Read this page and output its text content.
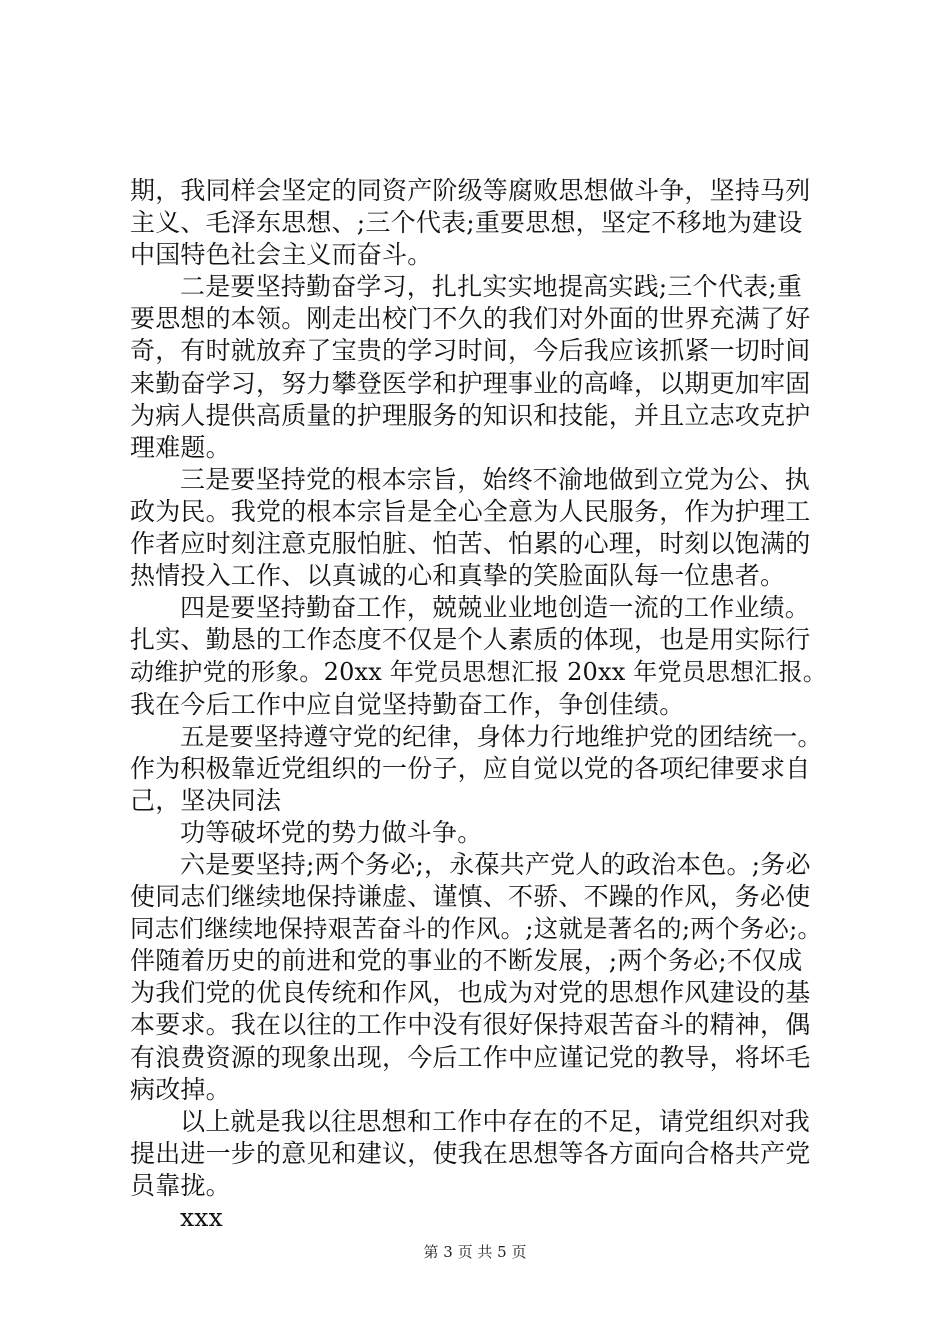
期，我同样会坚定的同资产阶级等腐败思想做斗争，坚持马列
主义、毛泽东思想、;三个代表;重要思想，坚定不移地为建设
中国特色社会主义而奋斗。
二是要坚持勤奋学习，扎扎实实地提高实践;三个代表;重
要思想的本领。刚走出校门不久的我们对外面的世界充满了好
奇，有时就放弃了宝贵的学习时间，今后我应该抓紧一切时间
来勤奋学习，努力攀登医学和护理事业的高峰，以期更加牢固
为病人提供高质量的护理服务的知识和技能，并且立志攻克护
理难题。
三是要坚持党的根本宗旨，始终不渝地做到立党为公、执
政为民。我党的根本宗旨是全心全意为人民服务，作为护理工
作者应时刻注意克服怕脏、怕苦、怕累的心理，时刻以饱满的
热情投入工作、以真诚的心和真挚的笑脸面队每一位患者。
四是要坚持勤奋工作，兢兢业业地创造一流的工作业绩。
扎实、勤恳的工作态度不仅是个人素质的体现，也是用实际行
动维护党的形象。20xx 年党员思想汇报 20xx 年党员思想汇报。
我在今后工作中应自觉坚持勤奋工作，争创佳绩。
五是要坚持遵守党的纪律，身体力行地维护党的团结统一。
作为积极靠近党组织的一份子，应自觉以党的各项纪律要求自
己，坚决同法
功等破坏党的势力做斗争。
六是要坚持;两个务必;，永葆共产党人的政治本色。;务必
使同志们继续地保持谦虚、谨慎、不骄、不躁的作风，务必使
同志们继续地保持艰苦奋斗的作风。;这就是著名的;两个务必;。
伴随着历史的前进和党的事业的不断发展，;两个务必;不仅成
为我们党的优良传统和作风，也成为对党的思想作风建设的基
本要求。我在以往的工作中没有很好保持艰苦奋斗的精神，偶
有浪费资源的现象出现，今后工作中应谨记党的教导，将坏毛
病改掉。
以上就是我以往思想和工作中存在的不足，请党组织对我
提出进一步的意见和建议，使我在思想等各方面向合格共产党
员靠拢。
xxx
第 3 页 共 5 页
